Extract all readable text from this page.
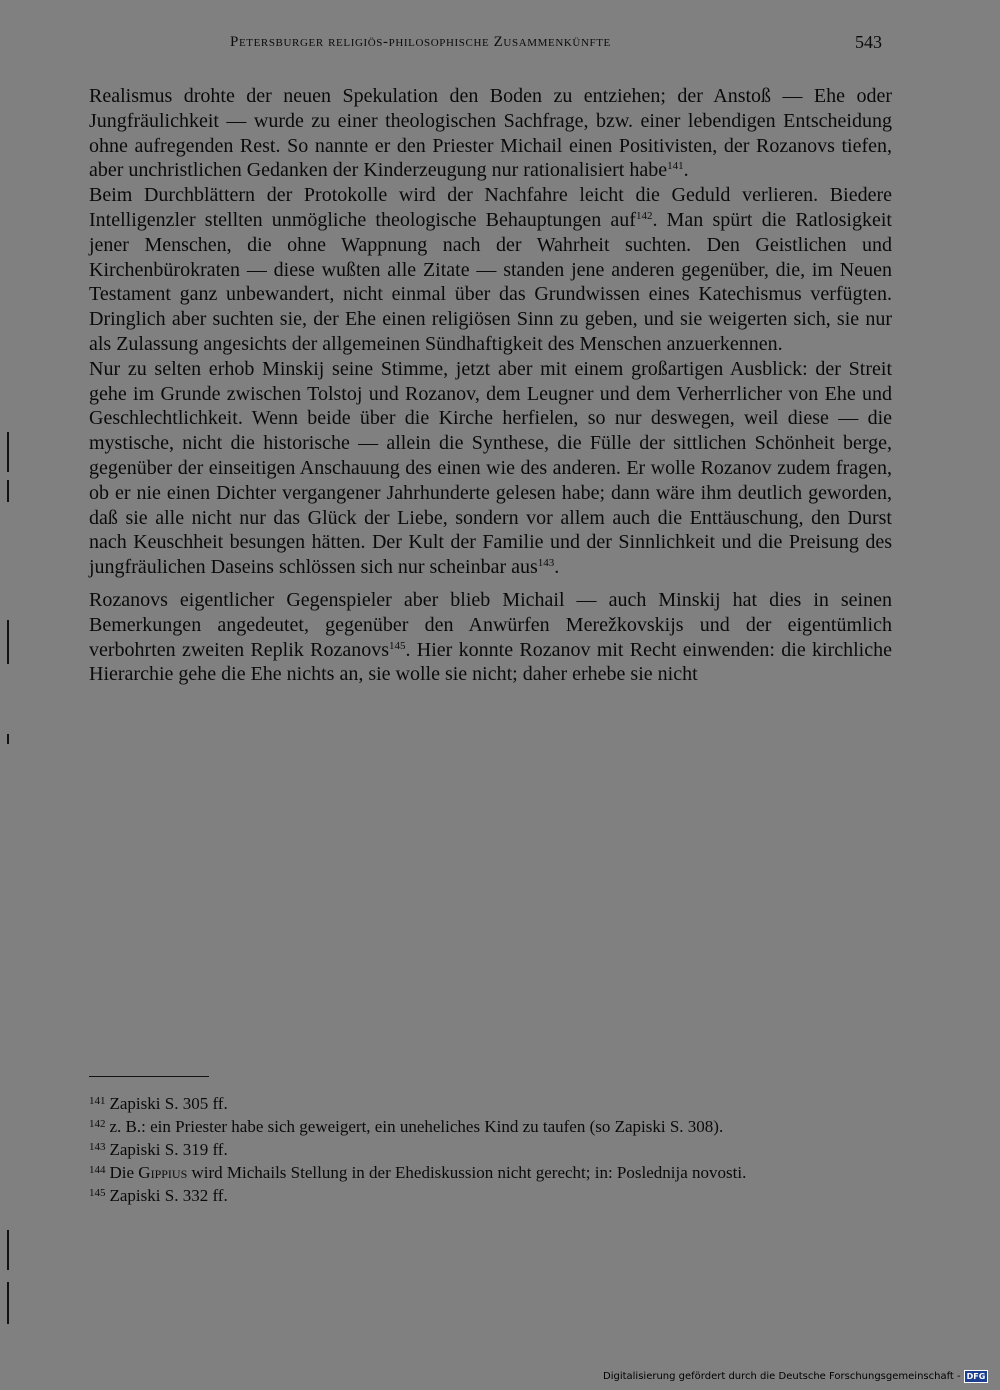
Petersburger religiös-philosophische Zusammenkünfte	543

Realismus drohte der neuen Spekulation den Boden zu entziehen; der Anstoß — Ehe oder Jungfräulichkeit — wurde zu einer theologischen Sachfrage, bzw. einer lebendigen Entscheidung ohne aufregenden Rest. So nannte er den Priester Michail einen Positivisten, der Rozanovs tiefen, aber unchristlichen Gedanken der Kinderzeugung nur rationalisiert habe$^{141}$.

Beim Durchblättern der Protokolle wird der Nachfahre leicht die Geduld verlieren. Biedere Intelligenzler stellten unmögliche theologische Behauptungen auf$^{142}$. Man spürt die Ratlosigkeit jener Menschen, die ohne Wappnung nach der Wahrheit suchten. Den Geistlichen und Kirchenbürokraten — diese wußten alle Zitate — standen jene anderen gegenüber, die, im Neuen Testament ganz unbewandert, nicht einmal über das Grundwissen eines Katechismus verfügten. Dringlich aber suchten sie, der Ehe einen religiösen Sinn zu geben, und sie weigerten sich, sie nur als Zulassung angesichts der allgemeinen Sündhaftigkeit des Menschen anzuerkennen.

Nur zu selten erhob Minskij seine Stimme, jetzt aber mit einem großartigen Ausblick: der Streit gehe im Grunde zwischen Tolstoj und Rozanov, dem Leugner und dem Verherrlicher von Ehe und Geschlechtlichkeit. Wenn beide über die Kirche herfielen, so nur deswegen, weil diese — die mystische, nicht die historische — allein die Synthese, die Fülle der sittlichen Schönheit berge, gegenüber der einseitigen Anschauung des einen wie des anderen. Er wolle Rozanov zudem fragen, ob er nie einen Dichter vergangener Jahrhunderte gelesen habe; dann wäre ihm deutlich geworden, daß sie alle nicht nur das Glück der Liebe, sondern vor allem auch die Enttäuschung, den Durst nach Keuschheit besungen hätten. Der Kult der Familie und der Sinnlichkeit und die Preisung des jungfräulichen Daseins schlössen sich nur scheinbar aus$^{143}$.

Rozanovs eigentlicher Gegenspieler aber blieb Michail — auch Minskij hat dies in seinen Bemerkungen angedeutet, gegenüber den Anwürfen Merežkovskijs und der eigentümlich verbohrten zweiten Replik Rozanovs$^{145}$. Hier konnte Rozanov mit Recht einwenden: die kirchliche Hierarchie gehe die Ehe nichts an, sie wolle sie nicht; daher erhebe sie nicht

$^{141}$ Zapiski S. 305 ff.
$^{142}$ z. B.: ein Priester habe sich geweigert, ein uneheliches Kind zu taufen (so Zapiski S. 308).
$^{143}$ Zapiski S. 319 ff.
$^{144}$ Die Gippius wird Michails Stellung in der Ehediskussion nicht gerecht; in: Poslednija novosti.
$^{145}$ Zapiski S. 332 ff.
Digitalisierung gefördert durch die Deutsche Forschungsgemeinschaft - DFG
